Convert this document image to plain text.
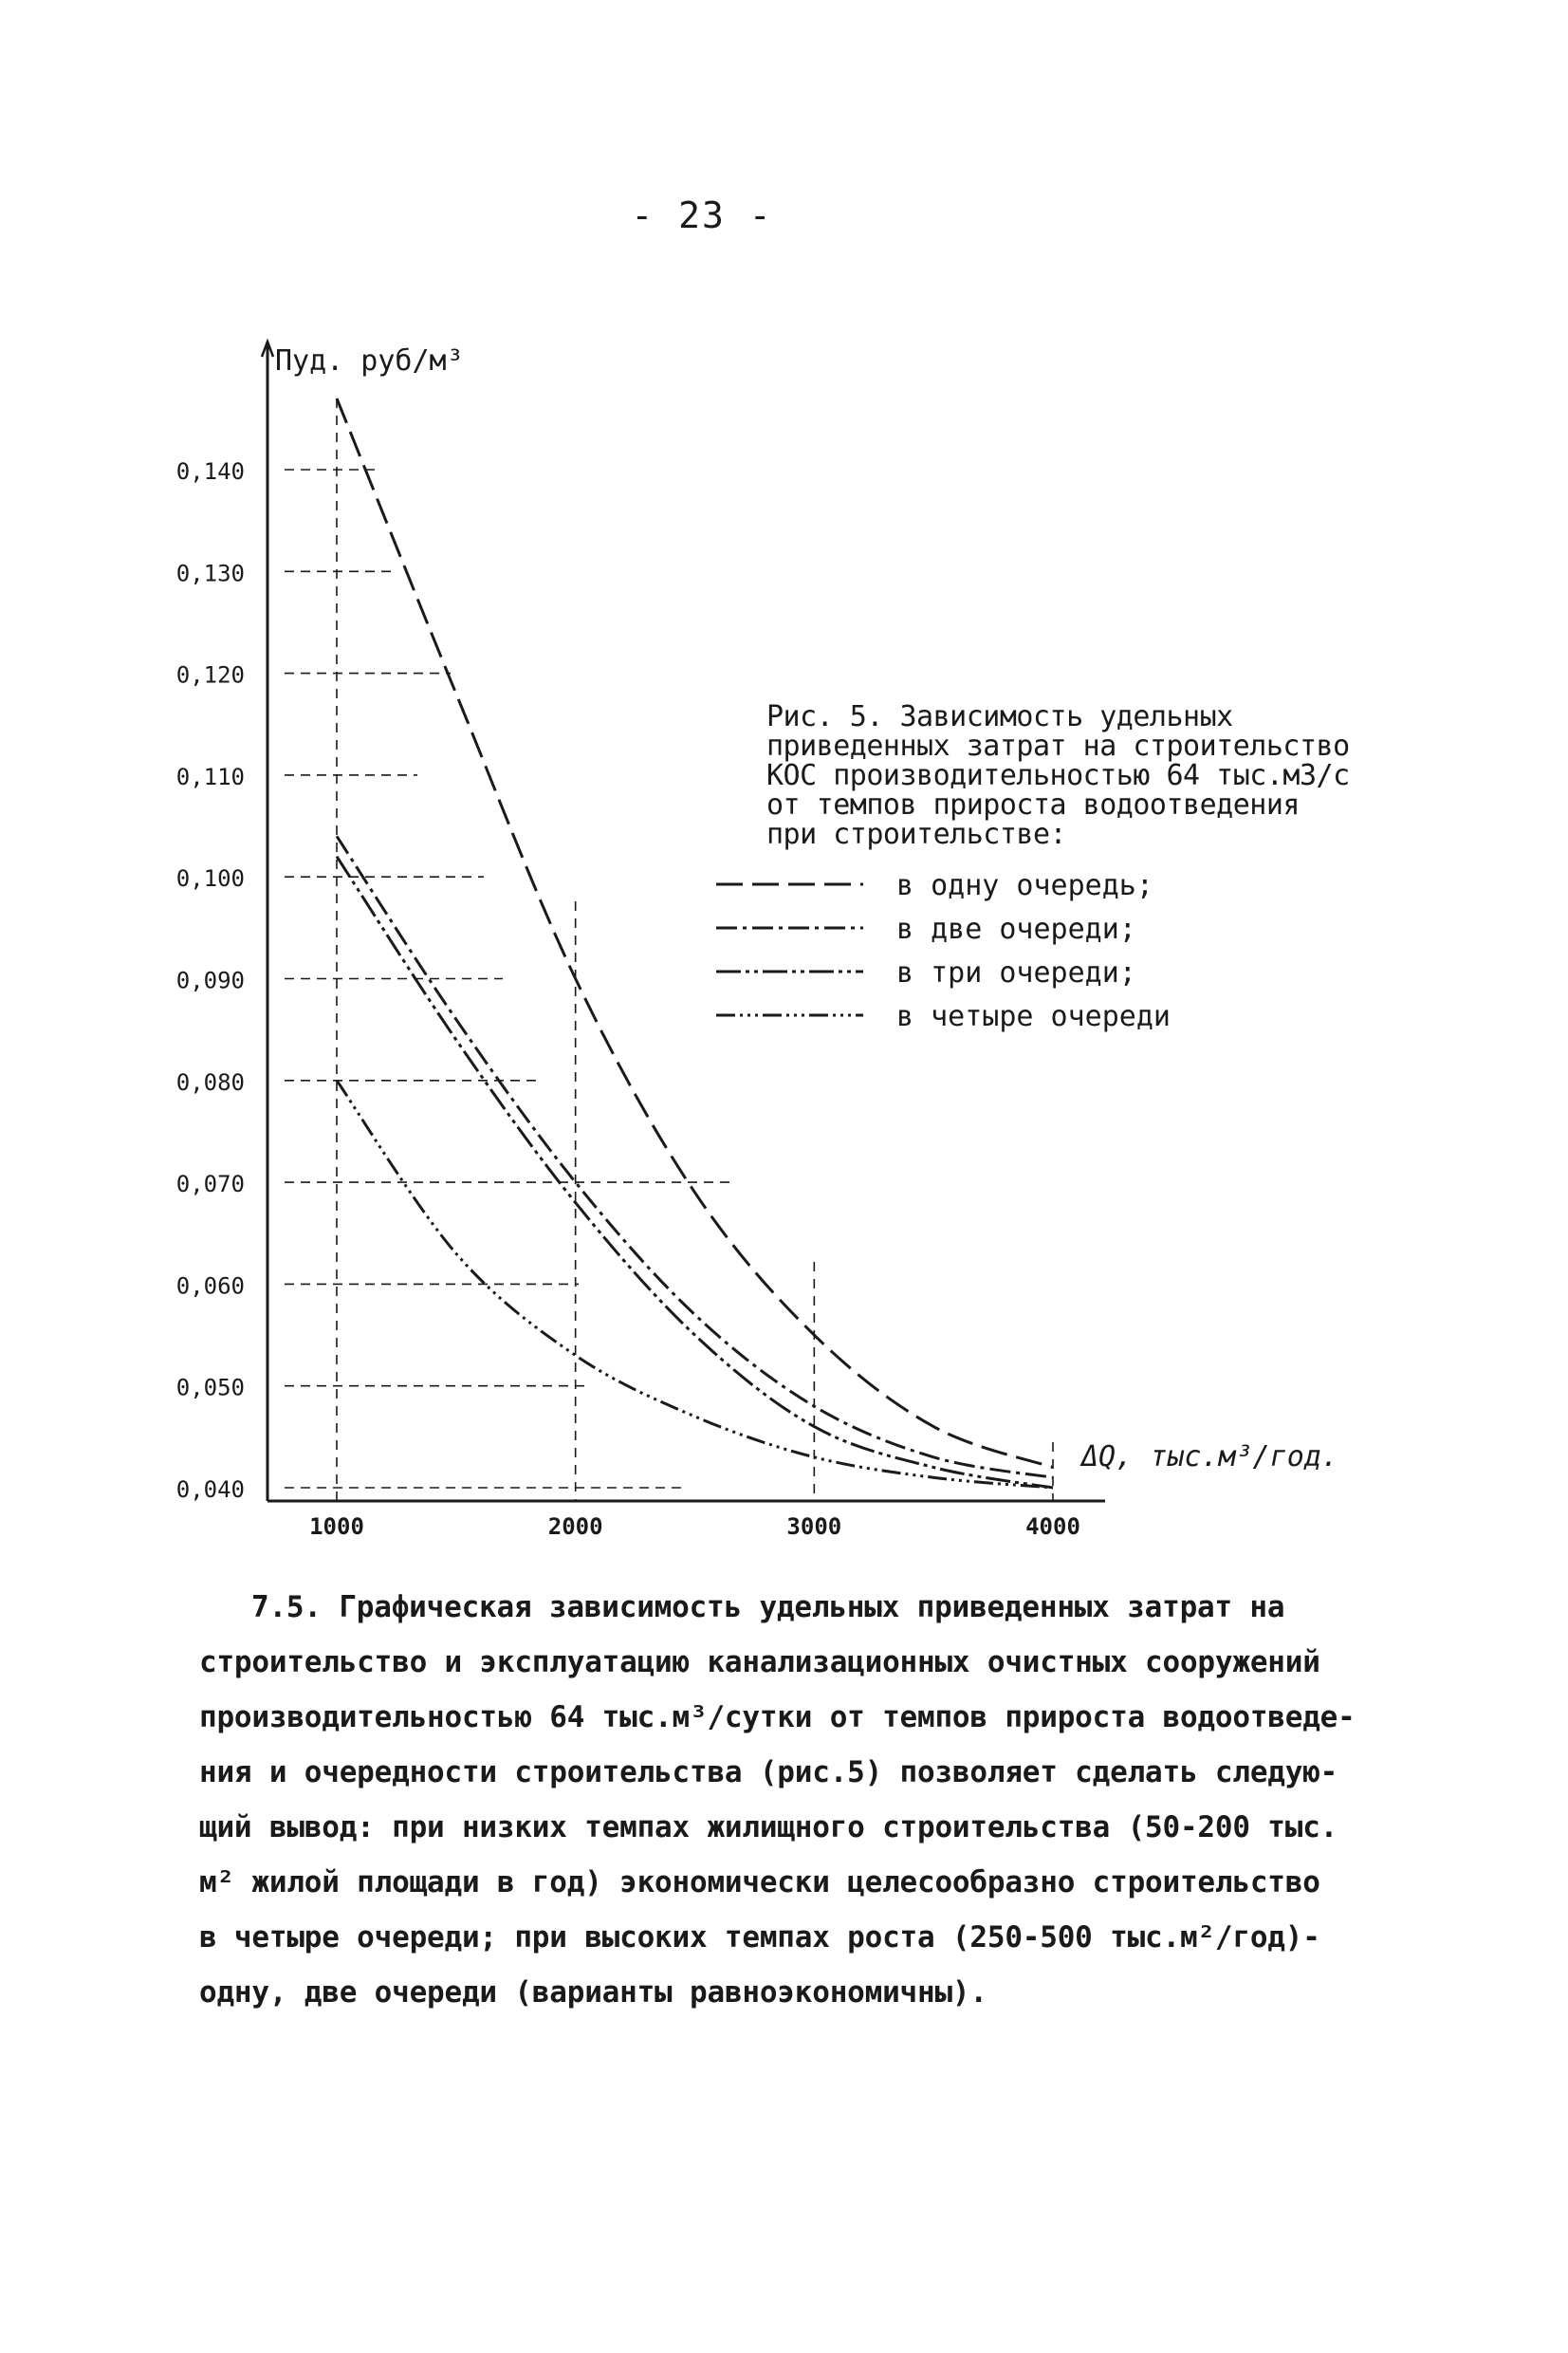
- 23 -
0,140
0,130
0,120
0,110
0,100
0,090
0,080
0,070
0,060
0,050
0,040
1000	2000	3000	4000
Пуд. руб/м³
ΔQ, тыс.м³/год.
Рис. 5. Зависимость удельных
приведенных затрат на строительство
КОС производительностью 64 тыс.м3/с
от темпов прироста водоотведения
при строительстве:
в одну очередь;
в две очереди;
в три очереди;
в четыре очереди
7.5. Графическая зависимость удельных приведенных затрат на
строительство и эксплуатацию канализационных очистных сооружений
производительностью 64 тыс.м³/сутки от темпов прироста водоотведе-
ния и очередности строительства (рис.5) позволяет сделать следую-
щий вывод: при низких темпах жилищного строительства (50-200 тыс.
м² жилой площади в год) экономически целесообразно строительство
в четыре очереди; при высоких темпах роста (250-500 тыс.м²/год)-
одну, две очереди (варианты равноэкономичны).
